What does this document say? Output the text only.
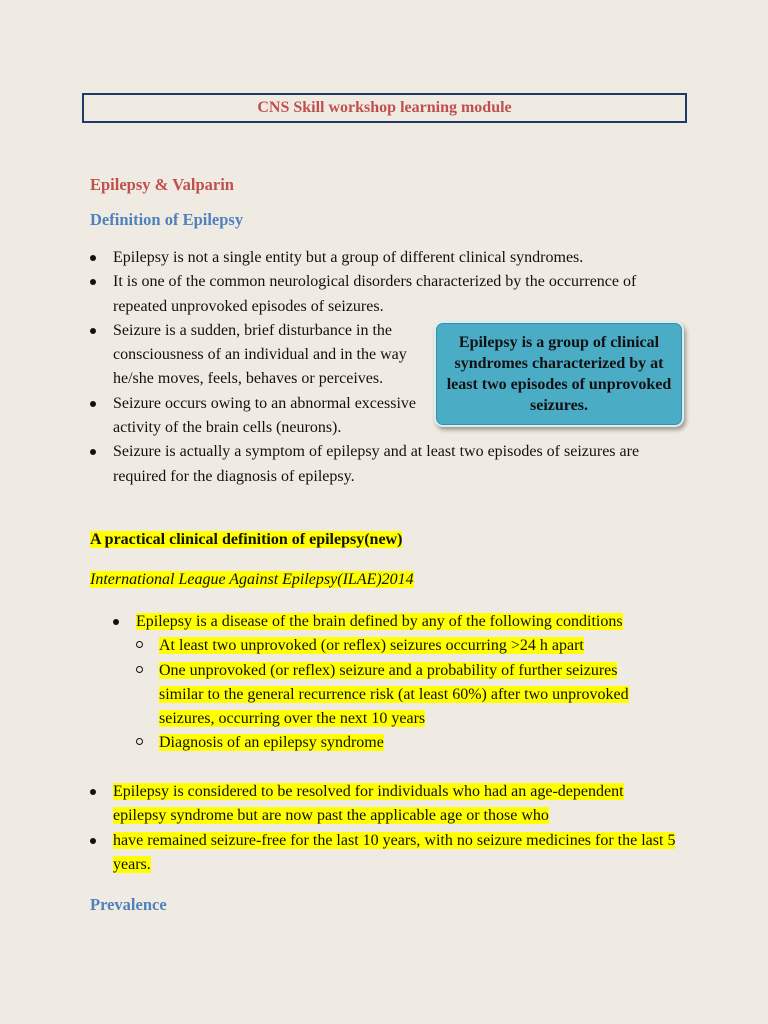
CNS Skill workshop learning module
Epilepsy & Valparin
Definition of Epilepsy
Epilepsy is not a single entity but a group of different clinical syndromes.
It is one of the common neurological disorders characterized by the occurrence of repeated unprovoked episodes of seizures.
Seizure is a sudden, brief disturbance in the consciousness of an individual and in the way he/she moves, feels, behaves or perceives.
Seizure occurs owing to an abnormal excessive activity of the brain cells (neurons).
Seizure is actually a symptom of epilepsy and at least two episodes of seizures are required for the diagnosis of epilepsy.
Epilepsy is a group of clinical syndromes characterized by at least two episodes of unprovoked seizures.
A practical clinical definition of epilepsy(new)
International League Against Epilepsy(ILAE)2014
Epilepsy is a disease of the brain defined by any of the following conditions
At least two unprovoked (or reflex) seizures occurring >24 h apart
One unprovoked (or reflex) seizure and a probability of further seizures similar to the general recurrence risk (at least 60%) after two unprovoked seizures, occurring over the next 10 years
Diagnosis of an epilepsy syndrome
Epilepsy is considered to be resolved for individuals who had an age-dependent epilepsy syndrome but are now past the applicable age or those who
have remained seizure-free for the last 10 years, with no seizure medicines for the last 5 years.
Prevalence
